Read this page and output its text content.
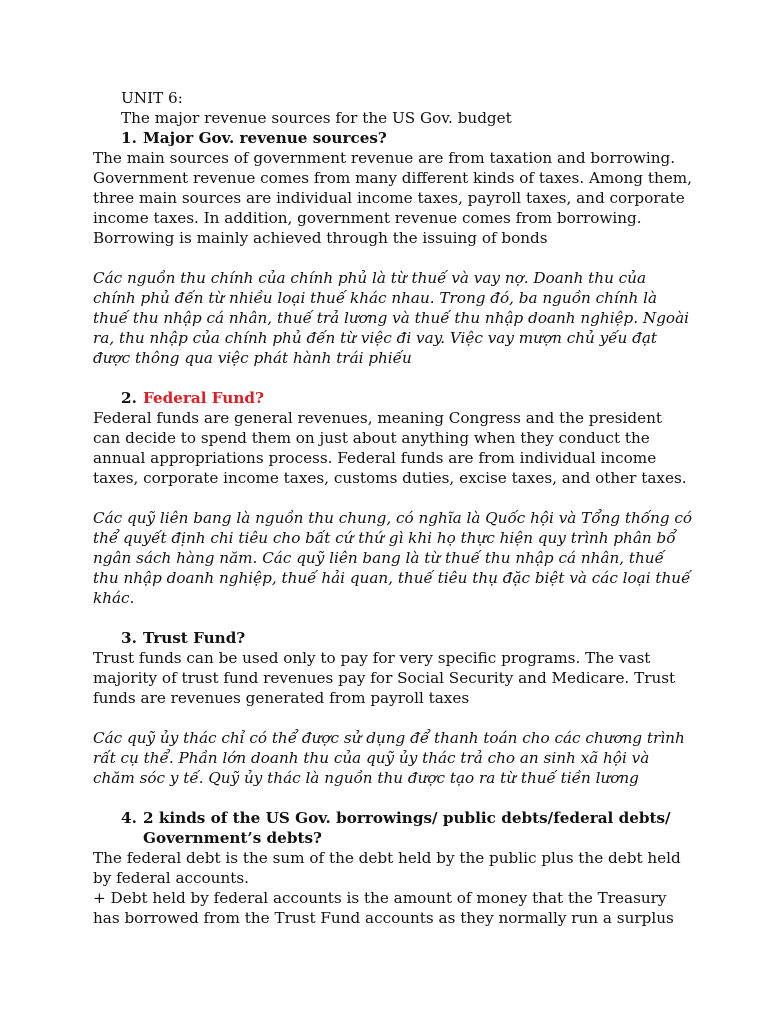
UNIT 6:

The major revenue sources for the US Gov. budget

1. Major Gov. revenue sources?

The main sources of government revenue are from taxation and borrowing. Government revenue comes from many different kinds of taxes. Among them, three main sources are individual income taxes, payroll taxes, and corporate income taxes. In addition, government revenue comes from borrowing. Borrowing is mainly achieved through the issuing of bonds

Các nguồn thu chính của chính phủ là từ thuế và vay nợ. Doanh thu của chính phủ đến từ nhiều loại thuế khác nhau. Trong đó, ba nguồn chính là thuế thu nhập cá nhân, thuế trả lương và thuế thu nhập doanh nghiệp. Ngoài ra, thu nhập của chính phủ đến từ việc đi vay. Việc vay mượn chủ yếu đạt được thông qua việc phát hành trái phiếu

2. Federal Fund?

Federal funds are general revenues, meaning Congress and the president can decide to spend them on just about anything when they conduct the annual appropriations process. Federal funds are from individual income taxes, corporate income taxes, customs duties, excise taxes, and other taxes.

Các quỹ liên bang là nguồn thu chung, có nghĩa là Quốc hội và Tổng thống có thể quyết định chi tiêu cho bất cứ thứ gì khi họ thực hiện quy trình phân bổ ngân sách hàng năm. Các quỹ liên bang là từ thuế thu nhập cá nhân, thuế thu nhập doanh nghiệp, thuế hải quan, thuế tiêu thụ đặc biệt và các loại thuế khác.

3. Trust Fund?

Trust funds can be used only to pay for very specific programs. The vast majority of trust fund revenues pay for Social Security and Medicare. Trust funds are revenues generated from payroll taxes

Các quỹ ủy thác chỉ có thể được sử dụng để thanh toán cho các chương trình rất cụ thể. Phần lớn doanh thu của quỹ ủy thác trả cho an sinh xã hội và chăm sóc y tế. Quỹ ủy thác là nguồn thu được tạo ra từ thuế tiền lương

4. 2 kinds of the US Gov. borrowings/ public debts/federal debts/ Government’s debts?

The federal debt is the sum of the debt held by the public plus the debt held by federal accounts.

+ Debt held by federal accounts is the amount of money that the Treasury has borrowed from the Trust Fund accounts as they normally run a surplus
